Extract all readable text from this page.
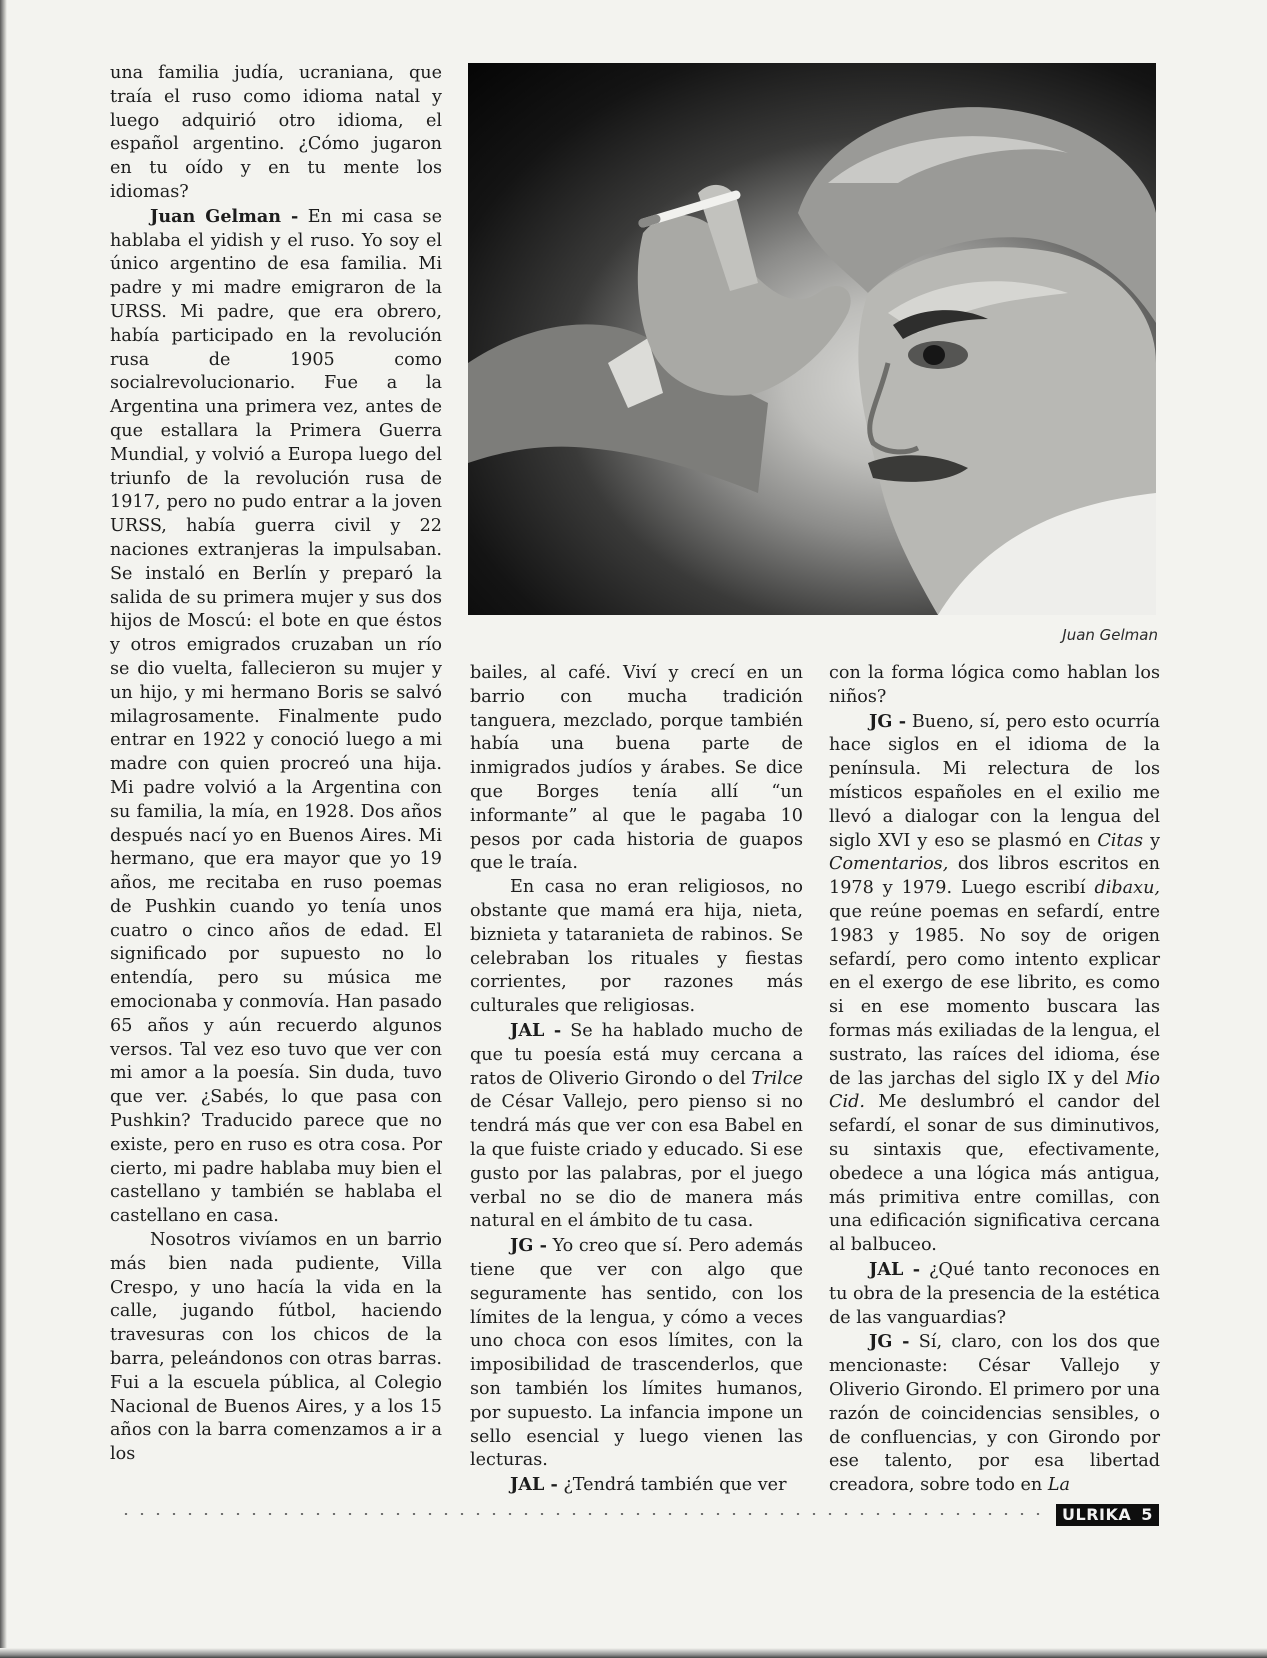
una familia judía, ucraniana, que traía el ruso como idioma natal y luego adquirió otro idioma, el español argentino. ¿Cómo jugaron en tu oído y en tu mente los idiomas?

Juan Gelman - En mi casa se hablaba el yidish y el ruso. Yo soy el único argentino de esa familia. Mi padre y mi madre emigraron de la URSS. Mi padre, que era obrero, había participado en la revolución rusa de 1905 como socialrevolucionario. Fue a la Argentina una primera vez, antes de que estallara la Primera Guerra Mundial, y volvió a Europa luego del triunfo de la revolución rusa de 1917, pero no pudo entrar a la joven URSS, había guerra civil y 22 naciones extranjeras la impulsaban. Se instaló en Berlín y preparó la salida de su primera mujer y sus dos hijos de Moscú: el bote en que éstos y otros emigrados cruzaban un río se dio vuelta, fallecieron su mujer y un hijo, y mi hermano Boris se salvó milagrosamente. Finalmente pudo entrar en 1922 y conoció luego a mi madre con quien procreó una hija. Mi padre volvió a la Argentina con su familia, la mía, en 1928. Dos años después nací yo en Buenos Aires. Mi hermano, que era mayor que yo 19 años, me recitaba en ruso poemas de Pushkin cuando yo tenía unos cuatro o cinco años de edad. El significado por supuesto no lo entendía, pero su música me emocionaba y conmovía. Han pasado 65 años y aún recuerdo algunos versos. Tal vez eso tuvo que ver con mi amor a la poesía. Sin duda, tuvo que ver. ¿Sabés, lo que pasa con Pushkin? Traducido parece que no existe, pero en ruso es otra cosa. Por cierto, mi padre hablaba muy bien el castellano y también se hablaba el castellano en casa.

Nosotros vivíamos en un barrio más bien nada pudiente, Villa Crespo, y uno hacía la vida en la calle, jugando fútbol, haciendo travesuras con los chicos de la barra, peleándonos con otras barras. Fui a la escuela pública, al Colegio Nacional de Buenos Aires, y a los 15 años con la barra comenzamos a ir a los

Juan Gelman

bailes, al café. Viví y crecí en un barrio con mucha tradición tanguera, mezclado, porque también había una buena parte de inmigrados judíos y árabes. Se dice que Borges tenía allí “un informante” al que le pagaba 10 pesos por cada historia de guapos que le traía.

En casa no eran religiosos, no obstante que mamá era hija, nieta, biznieta y tataranieta de rabinos. Se celebraban los rituales y fiestas corrientes, por razones más culturales que religiosas.

JAL - Se ha hablado mucho de que tu poesía está muy cercana a ratos de Oliverio Girondo o del Trilce de César Vallejo, pero pienso si no tendrá más que ver con esa Babel en la que fuiste criado y educado. Si ese gusto por las palabras, por el juego verbal no se dio de manera más natural en el ámbito de tu casa.

JG - Yo creo que sí. Pero además tiene que ver con algo que seguramente has sentido, con los límites de la lengua, y cómo a veces uno choca con esos límites, con la imposibilidad de trascenderlos, que son también los límites humanos, por supuesto. La infancia impone un sello esencial y luego vienen las lecturas.

JAL - ¿Tendrá también que ver

con la forma lógica como hablan los niños?

JG - Bueno, sí, pero esto ocurría hace siglos en el idioma de la península. Mi relectura de los místicos españoles en el exilio me llevó a dialogar con la lengua del siglo XVI y eso se plasmó en Citas y Comentarios, dos libros escritos en 1978 y 1979. Luego escribí dibaxu, que reúne poemas en sefardí, entre 1983 y 1985. No soy de origen sefardí, pero como intento explicar en el exergo de ese librito, es como si en ese momento buscara las formas más exiliadas de la lengua, el sustrato, las raíces del idioma, ése de las jarchas del siglo IX y del Mio Cid. Me deslumbró el candor del sefardí, el sonar de sus diminutivos, su sintaxis que, efectivamente, obedece a una lógica más antigua, más primitiva entre comillas, con una edificación significativa cercana al balbuceo.

JAL - ¿Qué tanto reconoces en tu obra de la presencia de la estética de las vanguardias?

JG - Sí, claro, con los dos que mencionaste: César Vallejo y Oliverio Girondo. El primero por una razón de coincidencias sensibles, o de confluencias, y con Girondo por ese talento, por esa libertad creadora, sobre todo en La

ULRIKA 5
